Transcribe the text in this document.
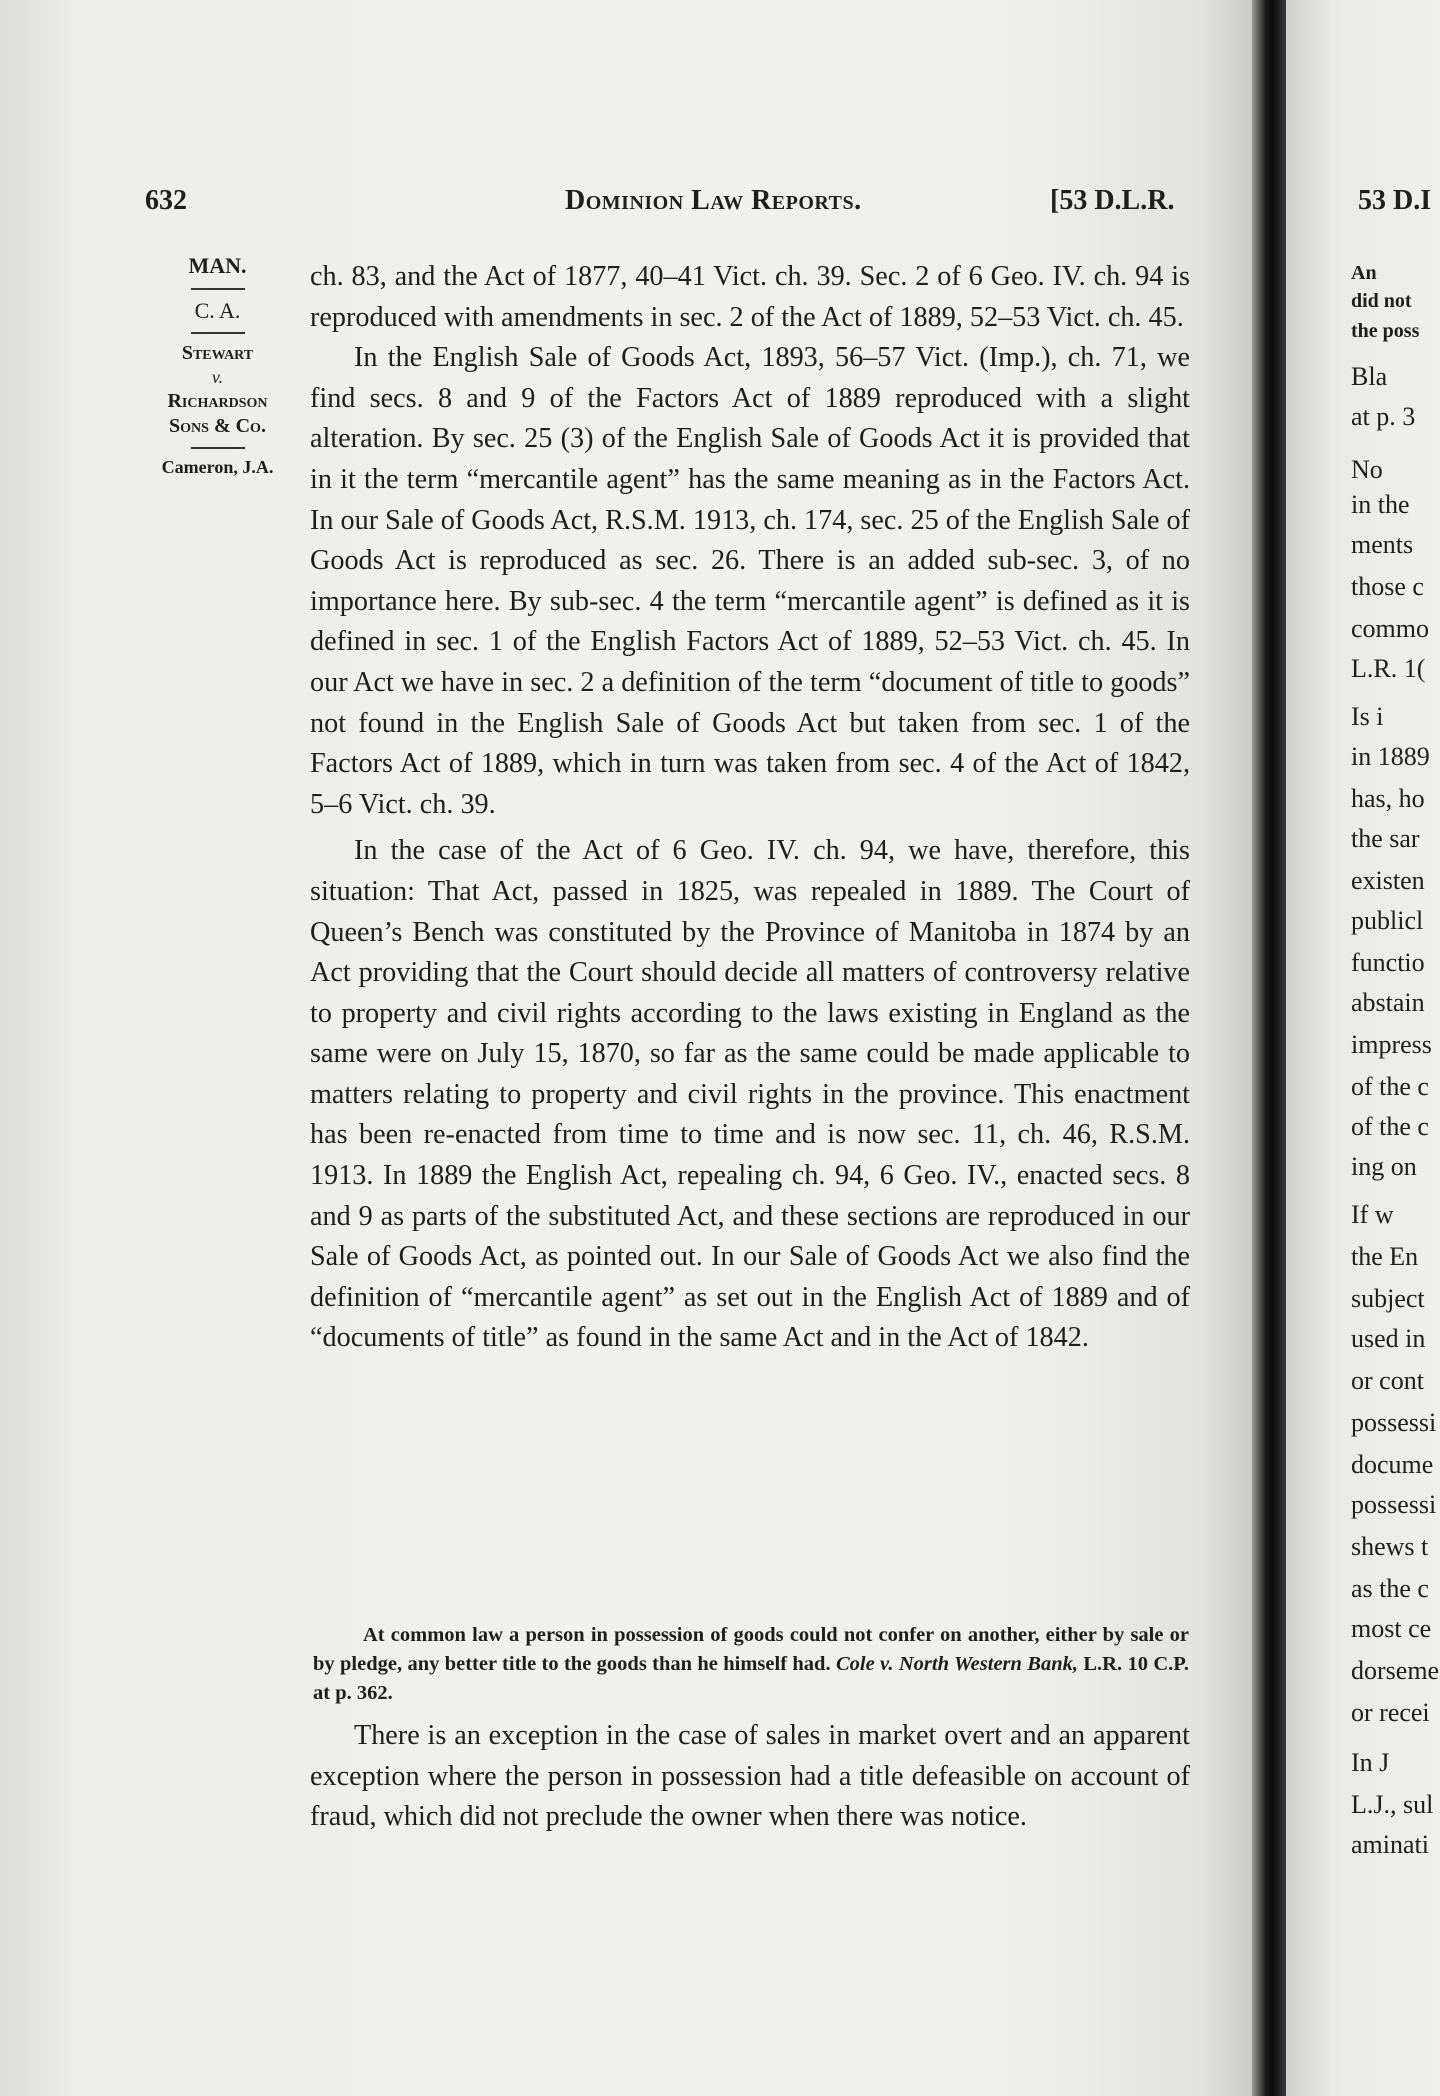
53 D.I
An
did not
the poss
Bla
at p. 3
No
in the
ments
those c
commo
L.R. 1(
Is i
in 1889
has, ho
the sar
existen
publicl
functio
abstain
impress
of the c
of the c
ing on
If w
the En
subject
used in
or cont
possessi
docume
possessi
shews t
as the c
most ce
dorseme
or recei
In J
L.J., sul
aminati
632	Dominion Law Reports.	[53 D.L.R.
MAN.
C. A.
Stewart
v.
Richardson
Sons & Co.
Cameron, J.A.

ch. 83, and the Act of 1877, 40–41 Vict. ch. 39. Sec. 2 of 6 Geo. IV. ch. 94 is reproduced with amendments in sec. 2 of the Act of 1889, 52–53 Vict. ch. 45.

In the English Sale of Goods Act, 1893, 56–57 Vict. (Imp.), ch. 71, we find secs. 8 and 9 of the Factors Act of 1889 reproduced with a slight alteration. By sec. 25 (3) of the English Sale of Goods Act it is provided that in it the term “mercantile agent” has the same meaning as in the Factors Act. In our Sale of Goods Act, R.S.M. 1913, ch. 174, sec. 25 of the English Sale of Goods Act is reproduced as sec. 26. There is an added sub-sec. 3, of no importance here. By sub-sec. 4 the term “mercantile agent” is defined as it is defined in sec. 1 of the English Factors Act of 1889, 52–53 Vict. ch. 45. In our Act we have in sec. 2 a definition of the term “document of title to goods” not found in the English Sale of Goods Act but taken from sec. 1 of the Factors Act of 1889, which in turn was taken from sec. 4 of the Act of 1842, 5–6 Vict. ch. 39.

In the case of the Act of 6 Geo. IV. ch. 94, we have, therefore, this situation: That Act, passed in 1825, was repealed in 1889. The Court of Queen’s Bench was constituted by the Province of Manitoba in 1874 by an Act providing that the Court should decide all matters of controversy relative to property and civil rights according to the laws existing in England as the same were on July 15, 1870, so far as the same could be made applicable to matters relating to property and civil rights in the province. This enactment has been re-enacted from time to time and is now sec. 11, ch. 46, R.S.M. 1913. In 1889 the English Act, repealing ch. 94, 6 Geo. IV., enacted secs. 8 and 9 as parts of the substituted Act, and these sections are reproduced in our Sale of Goods Act, as pointed out. In our Sale of Goods Act we also find the definition of “mercantile agent” as set out in the English Act of 1889 and of “documents of title” as found in the same Act and in the Act of 1842.

At common law a person in possession of goods could not confer on another, either by sale or by pledge, any better title to the goods than he himself had. Cole v. North Western Bank, L.R. 10 C.P. at p. 362.

There is an exception in the case of sales in market overt and an apparent exception where the person in possession had a title defeasible on account of fraud, which did not preclude the owner when there was notice.
